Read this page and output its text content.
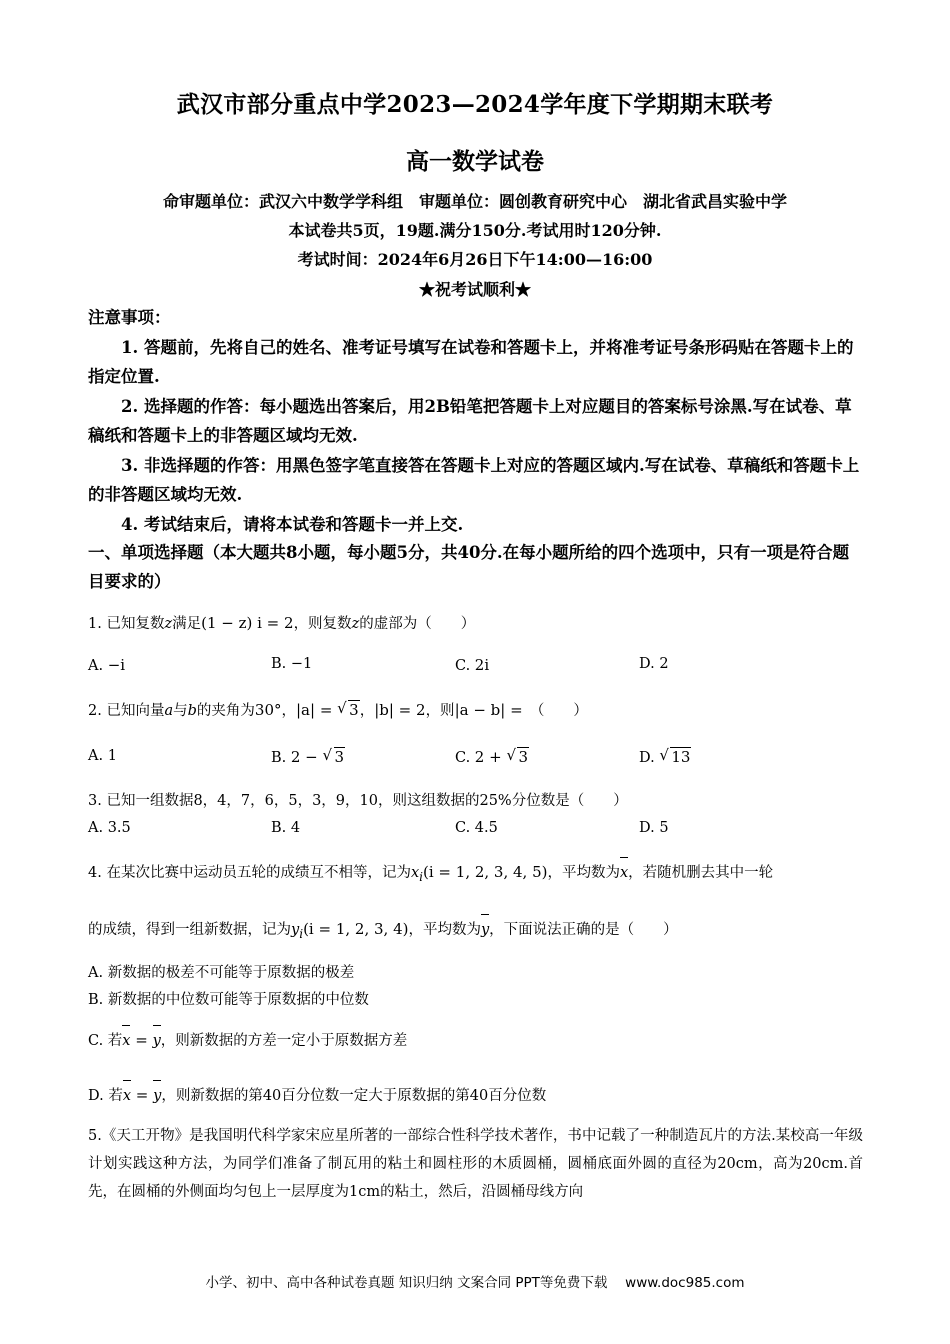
武汉市部分重点中学2023—2024学年度下学期期末联考
高一数学试卷
命审题单位：武汉六中数学学科组　审题单位：圆创教育研究中心　湖北省武昌实验中学
本试卷共5页，19题.满分150分.考试用时120分钟.
考试时间：2024年6月26日下午14:00—16:00
★祝考试顺利★

注意事项：

1. 答题前，先将自己的姓名、准考证号填写在试卷和答题卡上，并将准考证号条形码贴在答题卡上的指定位置.

2. 选择题的作答：每小题选出答案后，用2B铅笔把答题卡上对应题目的答案标号涂黑.写在试卷、草稿纸和答题卡上的非答题区域均无效.

3. 非选择题的作答：用黑色签字笔直接答在答题卡上对应的答题区域内.写在试卷、草稿纸和答题卡上的非答题区域均无效.

4. 考试结束后，请将本试卷和答题卡一并上交.

一、单项选择题（本大题共8小题，每小题5分，共40分.在每小题所给的四个选项中，只有一项是符合题目要求的）
1. 已知复数z满足(1 − z) i = 2，则复数z的虚部为（　　）
A. −i	B. −1	C. 2i	D. 2
2. 已知向量a与b的夹角为30°，|a| = √ 3，|b| = 2，则|a − b| =　 （　　）
A. 1	B. 2 − √ 3	C. 2 + √ 3	D. √ 13
3. 已知一组数据8，4，7，6，5，3，9，10，则这组数据的25%分位数是（　　）
A. 3.5	B. 4	C. 4.5	D. 5
4. 在某次比赛中运动员五轮的成绩互不相等，记为$x_i(i = 1$, 2, 3, 4, 5)，平均数为x，若随机删去其中一轮
的成绩，得到一组新数据，记为$y_i(i = 1$, 2, 3, 4)，平均数为y，下面说法正确的是（　　）
A. 新数据的极差不可能等于原数据的极差
B. 新数据的中位数可能等于原数据的中位数
C. 若x = y，则新数据的方差一定小于原数据方差
D. 若x = y，则新数据的第40百分位数一定大于原数据的第40百分位数
5.《天工开物》是我国明代科学家宋应星所著的一部综合性科学技术著作，书中记载了一种制造瓦片的方法.某校高一年级计划实践这种方法，为同学们准备了制瓦用的粘土和圆柱形的木质圆桶，圆桶底面外圆的直径为20cm，高为20cm.首先，在圆桶的外侧面均匀包上一层厚度为1cm的粘土，然后，沿圆桶母线方向
小学、初中、高中各种试卷真题 知识归纳 文案合同 PPT等免费下载　 www.doc985.com
